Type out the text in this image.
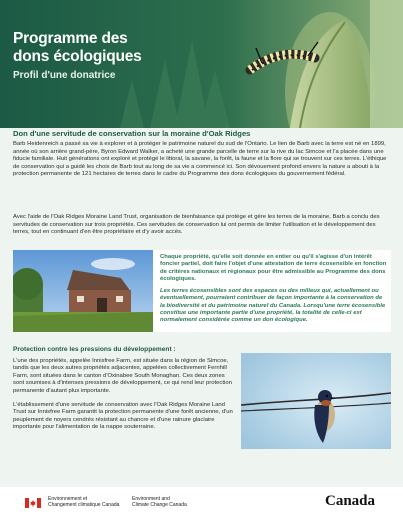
Programme des
dons écologiques
Profil d'une donatrice
Don d'une servitude de conservation sur la moraine d'Oak Ridges
Barb Heidenreich a passé sa vie à explorer et à protéger le patrimoine naturel du sud de l'Ontario. Le lien de Barb avec la terre est né en 1899, année où son arrière grand-père, Byron Edward Walker, a acheté une grande parcelle de terre sur la rive du lac Simcoe et l'a placée dans une fiducie familiale. Huit générations ont exploré et protégé le littoral, la savane, la forêt, la faune et la flore qui se trouvent sur ces terres. L'éthique de conservation qui a guidé les choix de Barb tout au long de sa vie a commencé ici. Son dévouement profond envers la nature a abouti à la protection permanente de 121 hectares de terres dans le cadre du Programme des dons écologiques du gouvernement fédéral.
Avec l'aide de l'Oak Ridges Moraine Land Trust, organisation de bienfaisance qui protège et gère les terres de la moraine, Barb a conclu des servitudes de conservation sur trois propriétés. Ces servitudes de conservation lui ont permis de limiter l'utilisation et le développement des terres, tout en continuant d'en être propriétaire et d'y avoir accès.
Chaque propriété, qu'elle soit donnée en entier ou qu'il s'agisse d'un intérêt foncier partiel, doit faire l'objet d'une attestation de terre écosensible en fonction de critères nationaux et régionaux pour être admissible au Programme des dons écologiques.
Les terres écosensibles sont des espaces ou des milieux qui, actuellement ou éventuellement, pourraient contribuer de façon importante à la conservation de la biodiversité et du patrimoine naturel du Canada. Lorsqu'une terre écosensible constitue une importante partie d'une propriété, la totalité de celle-ci est normalement considérée comme un don écologique.
Protection contre les pressions du développement :
L'une des propriétés, appelée Innisfree Farm, est située dans la région de Simcoe, tandis que les deux autres propriétés adjacentes, appelées collectivement Fernhill Farm, sont situées dans le canton d'Oxinabee South Monaghan. Ces deux zones sont soumises à d'intenses pressions de développement, ce qui rend leur protection permanente d'autant plus importante.
L'établissement d'une servitude de conservation avec l'Oak Ridges Moraine Land Trust sur Innisfree Farm garantit la protection permanente d'une forêt ancienne, d'un peuplement de noyers cendrés résistant au chancre et d'une rainure glaciaire importante pour l'alimentation de la nappe souterraine.
Environnement et
Changement climatique Canada
Environment and
Climate Change Canada	Canada
